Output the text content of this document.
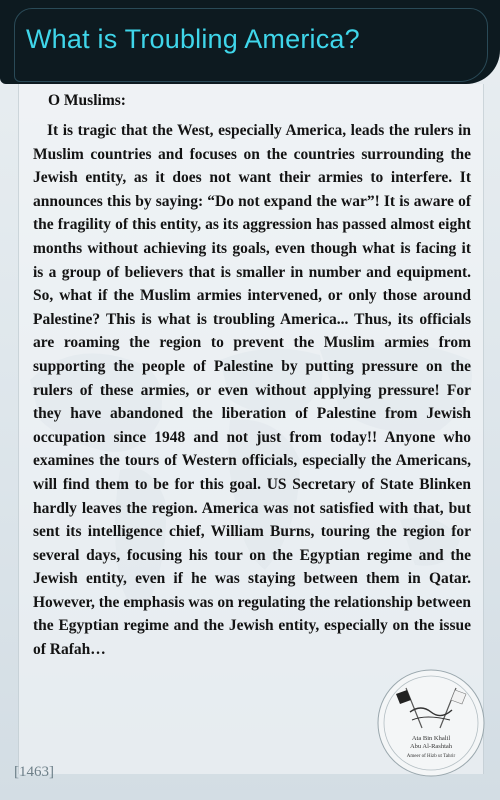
What is Troubling America?
O Muslims:

It is tragic that the West, especially America, leads the rulers in Muslim countries and focuses on the countries surrounding the Jewish entity, as it does not want their armies to interfere. It announces this by saying: “Do not expand the war”! It is aware of the fragility of this entity, as its aggression has passed almost eight months without achieving its goals, even though what is facing it is a group of believers that is smaller in number and equipment. So, what if the Muslim armies intervened, or only those around Palestine? This is what is troubling America... Thus, its officials are roaming the region to prevent the Muslim armies from supporting the people of Palestine by putting pressure on the rulers of these armies, or even without applying pressure! For they have abandoned the liberation of Palestine from Jewish occupation since 1948 and not just from today!! Anyone who examines the tours of Western officials, especially the Americans, will find them to be for this goal. US Secretary of State Blinken hardly leaves the region. America was not satisfied with that, but sent its intelligence chief, William Burns, touring the region for several days, focusing his tour on the Egyptian regime and the Jewish entity, even if he was staying between them in Qatar. However, the emphasis was on regulating the relationship between the Egyptian regime and the Jewish entity, especially on the issue of Rafah…

[1463]
Ata Bin Khalil
Abu Al-Rashtah
Ameer of Hizb ut Tahrir
